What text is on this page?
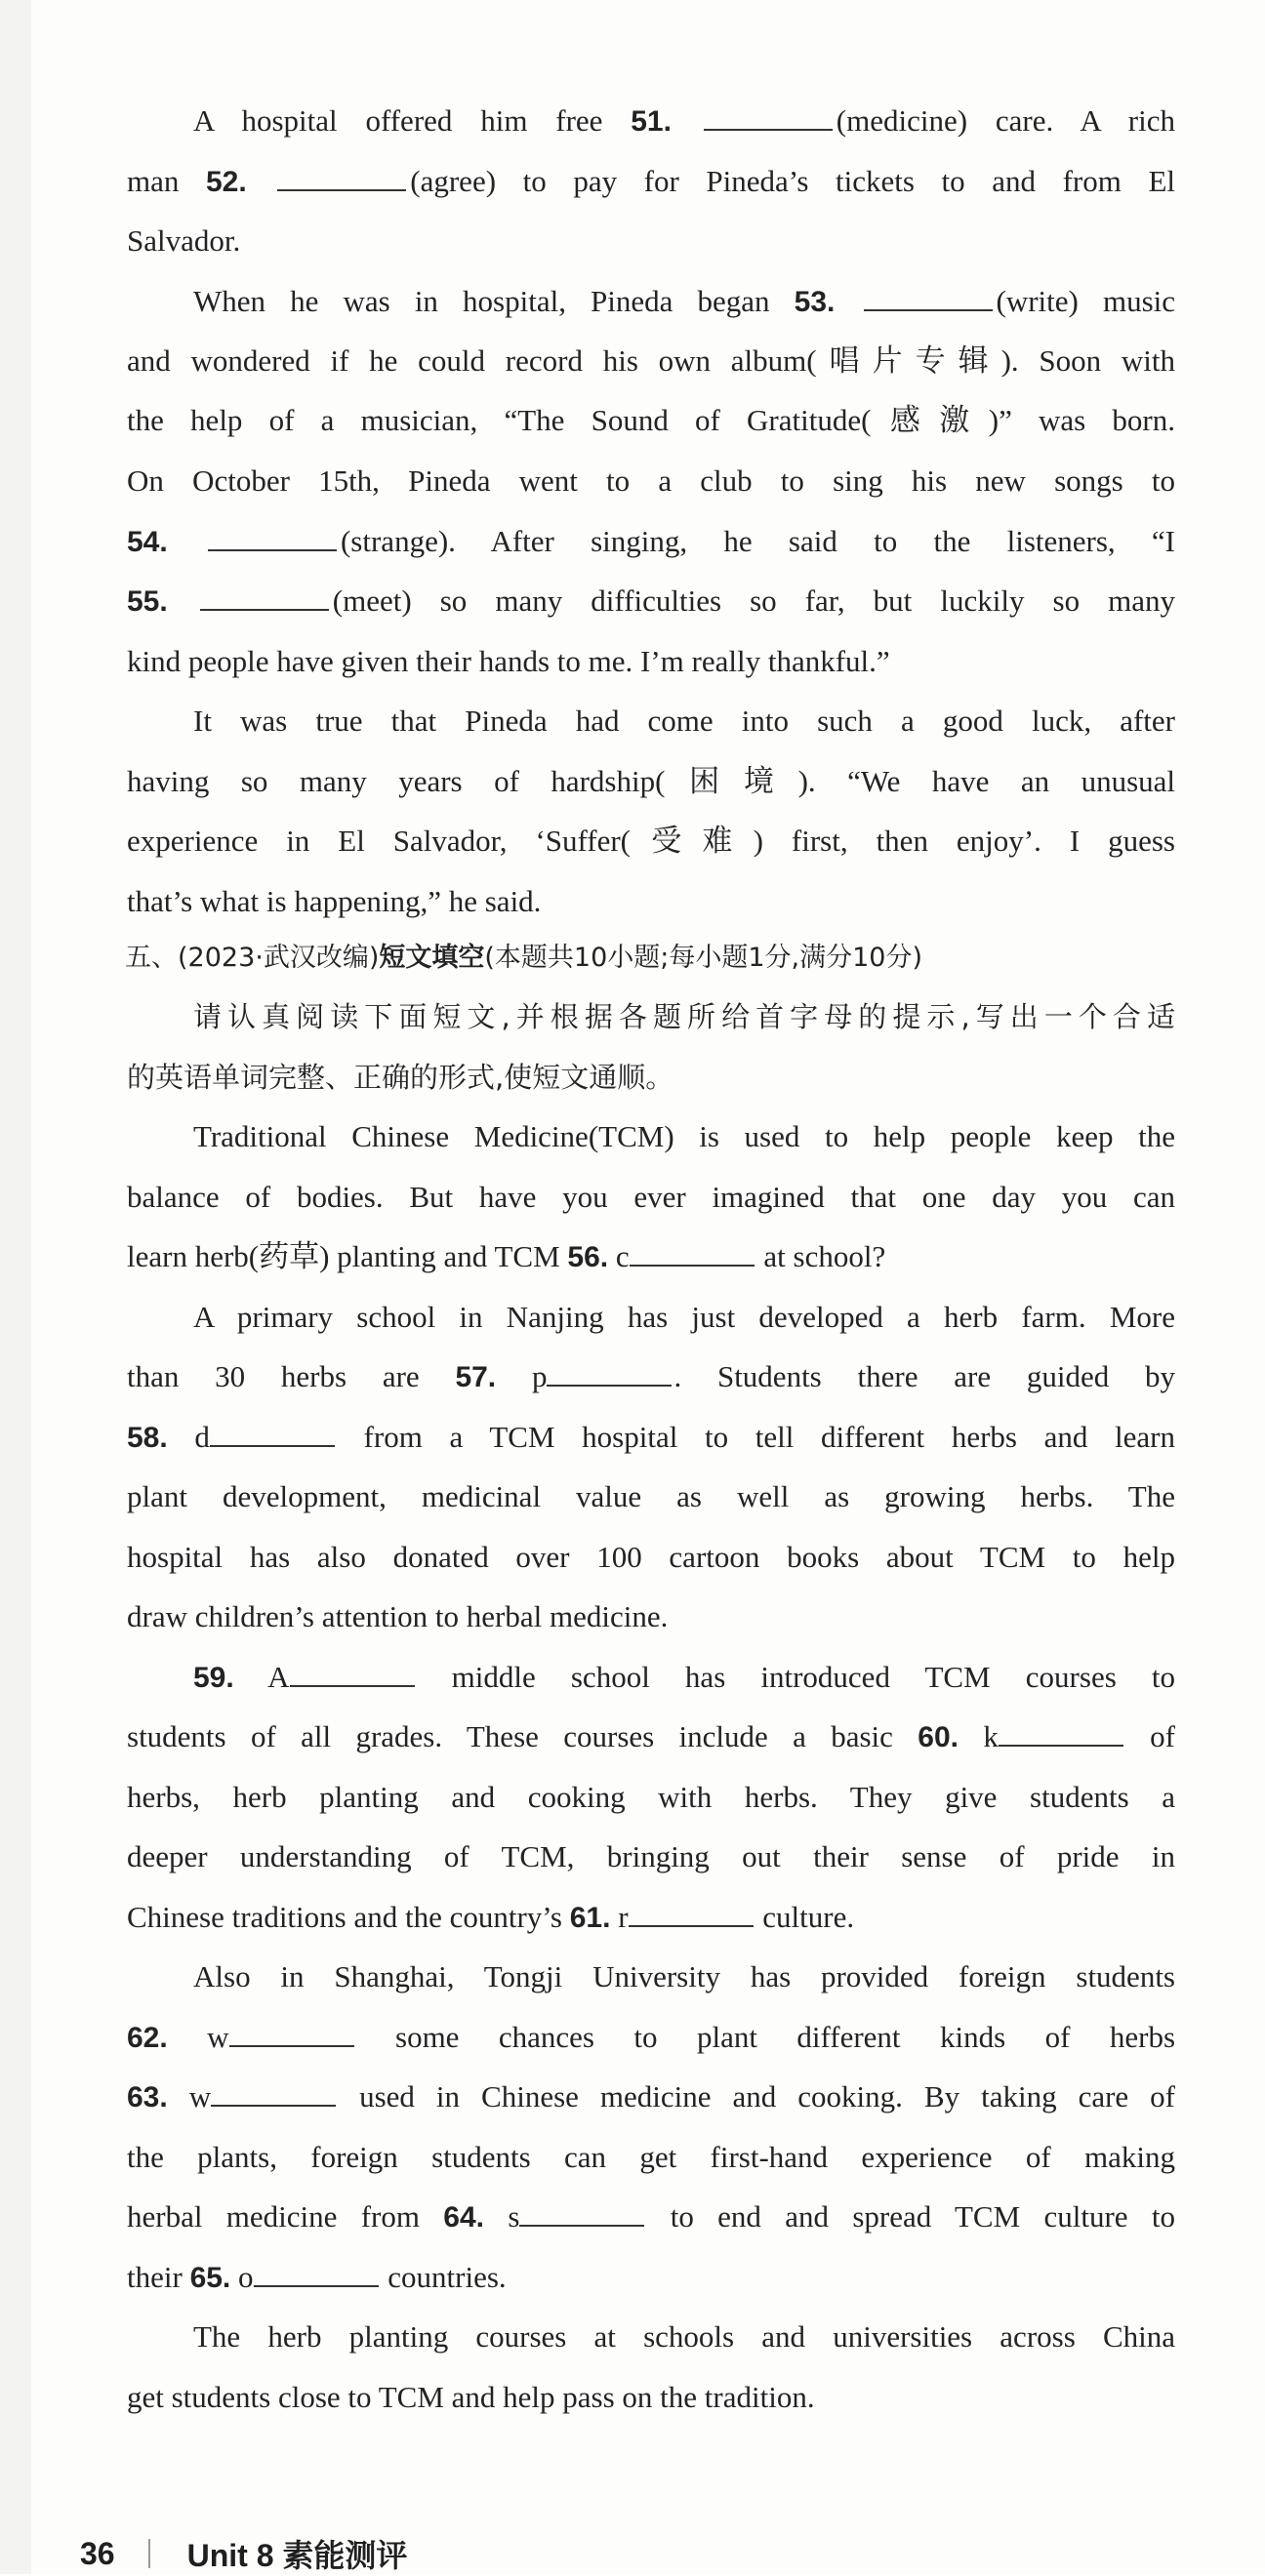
A hospital offered him free 51.	(medicine) care. A rich
man 52.	(agree) to pay for Pineda’s tickets to and from El
Salvador.
When he was in hospital, Pineda began 53.	(write) music
and wondered if he could record his own album(唱片专辑). Soon with
the help of a musician, “The Sound of Gratitude(感激)” was born.
On October 15th, Pineda went to a club to sing his new songs to
54.	(strange). After singing, he said to the listeners, “I
55.	(meet) so many difficulties so far, but luckily so many
kind people have given their hands to me. I’m really thankful.”
It was true that Pineda had come into such a good luck, after
having so many years of hardship(困境). “We have an unusual
experience in El Salvador, ‘Suffer(受难) first, then enjoy’. I guess
that’s what is happening,” he said.
五、(2023·武汉改编)短文填空(本题共10小题;每小题1分,满分10分)
请认真阅读下面短文,并根据各题所给首字母的提示,写出一个合适
的英语单词完整、正确的形式,使短文通顺。
Traditional Chinese Medicine(TCM) is used to help people keep the
balance of bodies. But have you ever imagined that one day you can
learn herb(药草) planting and TCM 56. c	at school?
A primary school in Nanjing has just developed a herb farm. More
than 30 herbs are 57. p	. Students there are guided by
58. d	from a TCM hospital to tell different herbs and learn
plant development, medicinal value as well as growing herbs. The
hospital has also donated over 100 cartoon books about TCM to help
draw children’s attention to herbal medicine.
59. A	middle school has introduced TCM courses to
students of all grades. These courses include a basic 60. k	of
herbs, herb planting and cooking with herbs. They give students a
deeper understanding of TCM, bringing out their sense of pride in
Chinese traditions and the country’s 61. r	culture.
Also in Shanghai, Tongji University has provided foreign students
62. w	some chances to plant different kinds of herbs
63. w	used in Chinese medicine and cooking. By taking care of
the plants, foreign students can get first-hand experience of making
herbal medicine from 64. s	to end and spread TCM culture to
their 65. o	countries.
The herb planting courses at schools and universities across China
get students close to TCM and help pass on the tradition.
36 Unit 8 素能测评
